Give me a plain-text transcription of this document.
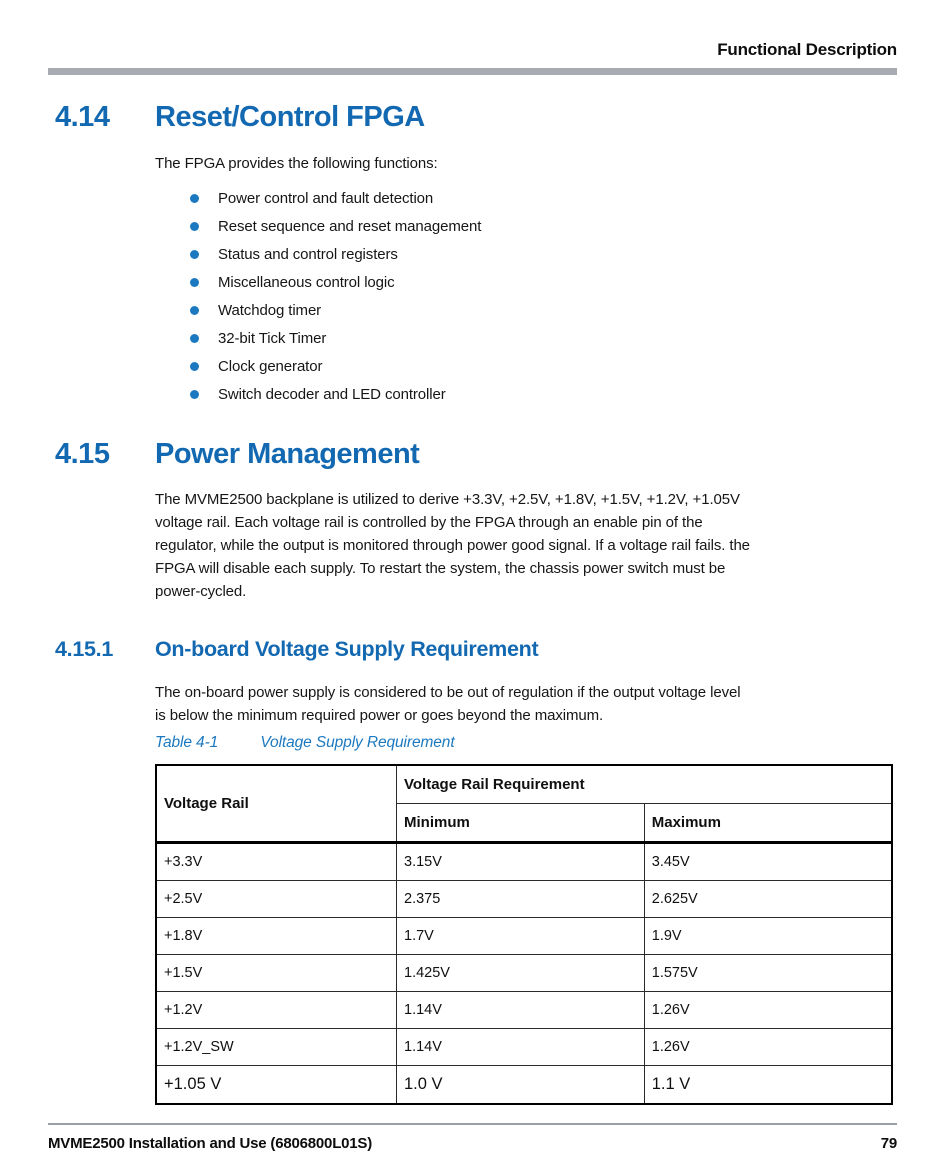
Functional Description
4.14	Reset/Control FPGA
The FPGA provides the following functions:
Power control and fault detection
Reset sequence and reset management
Status and control registers
Miscellaneous control logic
Watchdog timer
32-bit Tick Timer
Clock generator
Switch decoder and LED controller
4.15	Power Management
The MVME2500 backplane is utilized to derive +3.3V, +2.5V, +1.8V, +1.5V, +1.2V, +1.05V
voltage rail. Each voltage rail is controlled by the FPGA through an enable pin of the
regulator, while the output is monitored through power good signal. If a voltage rail fails. the
FPGA will disable each supply. To restart the system, the chassis power switch must be
power-cycled.
4.15.1	On-board Voltage Supply Requirement
The on-board power supply is considered to be out of regulation if the output voltage level
is below the minimum required power or goes beyond the maximum.
Table 4-1	Voltage Supply Requirement
Voltage Rail	Voltage Rail Requirement	
	Minimum	Maximum
+3.3V	3.15V	3.45V
+2.5V	2.375	2.625V
+1.8V	1.7V	1.9V
+1.5V	1.425V	1.575V
+1.2V	1.14V	1.26V
+1.2V_SW	1.14V	1.26V
+1.05 V	1.0 V	1.1 V
MVME2500 Installation and Use (6806800L01S)	79
